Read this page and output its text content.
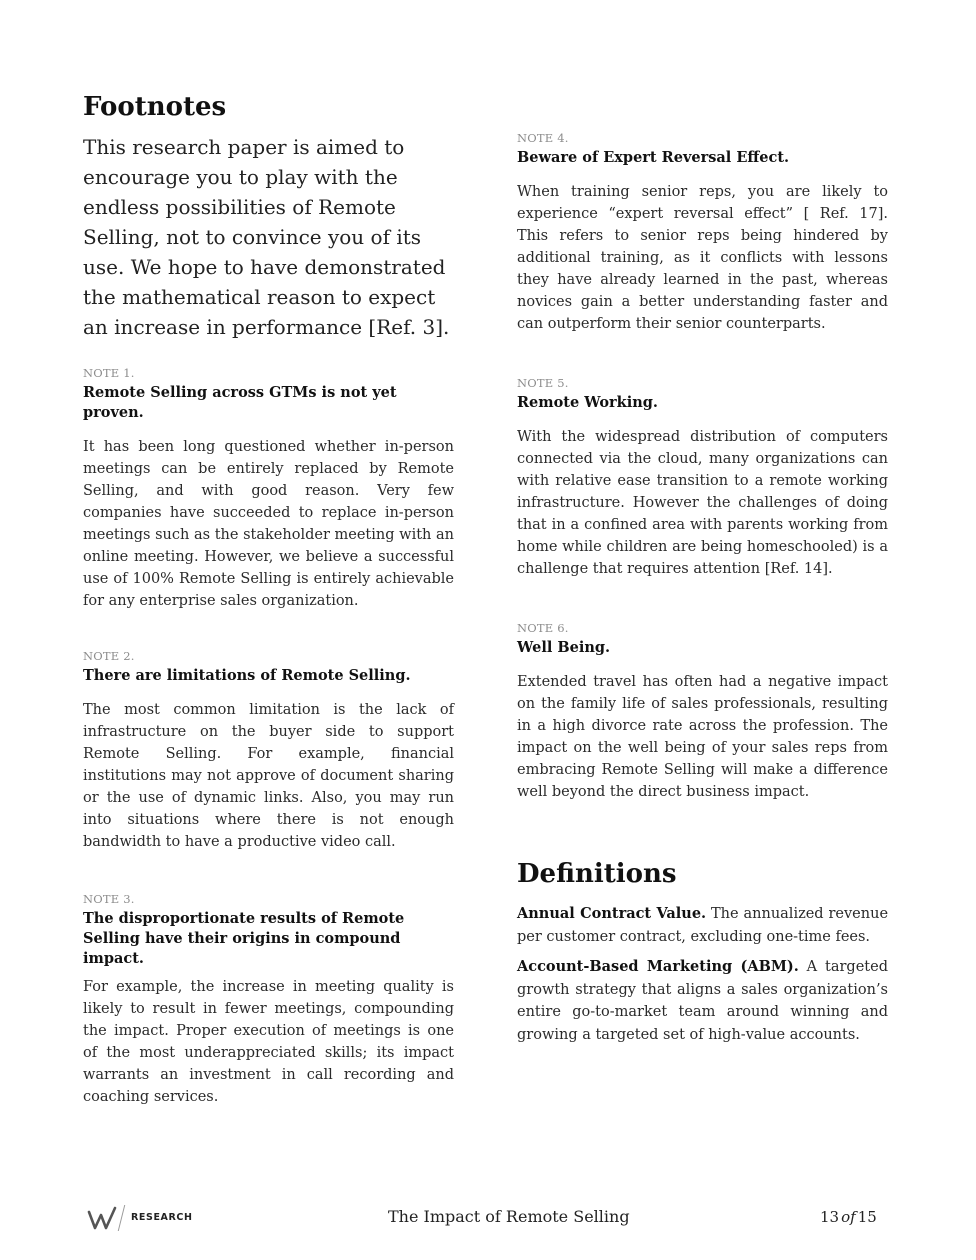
Footnotes

This research paper is aimed to encourage you to play with the endless possibilities of Remote Selling, not to convince you of its use. We hope to have demonstrated the mathematical reason to expect an increase in performance [Ref. 3].

NOTE 1.
Remote Selling across GTMs is not yet proven.
It has been long questioned whether in-person meetings can be entirely replaced by Remote Selling, and with good reason. Very few companies have succeeded to replace in-person meetings such as the stakeholder meeting with an online meeting. However, we believe a successful use of 100% Remote Selling is entirely achievable for any enterprise sales organization.
NOTE 2.
There are limitations of Remote Selling.
The most common limitation is the lack of infrastructure on the buyer side to support Remote Selling. For example, financial institutions may not approve of document sharing or the use of dynamic links. Also, you may run into situations where there is not enough bandwidth to have a productive video call.
NOTE 3.
The disproportionate results of Remote Selling have their origins in compound impact.
For example, the increase in meeting quality is likely to result in fewer meetings, compounding the impact. Proper execution of meetings is one of the most underappreciated skills; its impact warrants an investment in call recording and coaching services.
NOTE 4.
Beware of Expert Reversal Effect.
When training senior reps, you are likely to experience “expert reversal effect” [ Ref. 17]. This refers to senior reps being hindered by additional training, as it conflicts with lessons they have already learned in the past, whereas novices gain a better understanding faster and can outperform their senior counterparts.
NOTE 5.
Remote Working.
With the widespread distribution of computers connected via the cloud, many organizations can with relative ease transition to a remote working infrastructure. However the challenges of doing that in a confined area with parents working from home while children are being homeschooled) is a challenge that requires attention [Ref. 14].
NOTE 6.
Well Being.
Extended travel has often had a negative impact on the family life of sales professionals, resulting in a high divorce rate across the profession. The impact on the well being of your sales reps from embracing Remote Selling will make a difference well beyond the direct business impact.
Definitions

Annual Contract Value. The annualized revenue per customer contract, excluding one-time fees.

Account-Based Marketing (ABM). A targeted growth strategy that aligns a sales organization’s entire go-to-market team around winning and growing a targeted set of high-value accounts.

RESEARCH	The Impact of Remote Selling	13 of 15
